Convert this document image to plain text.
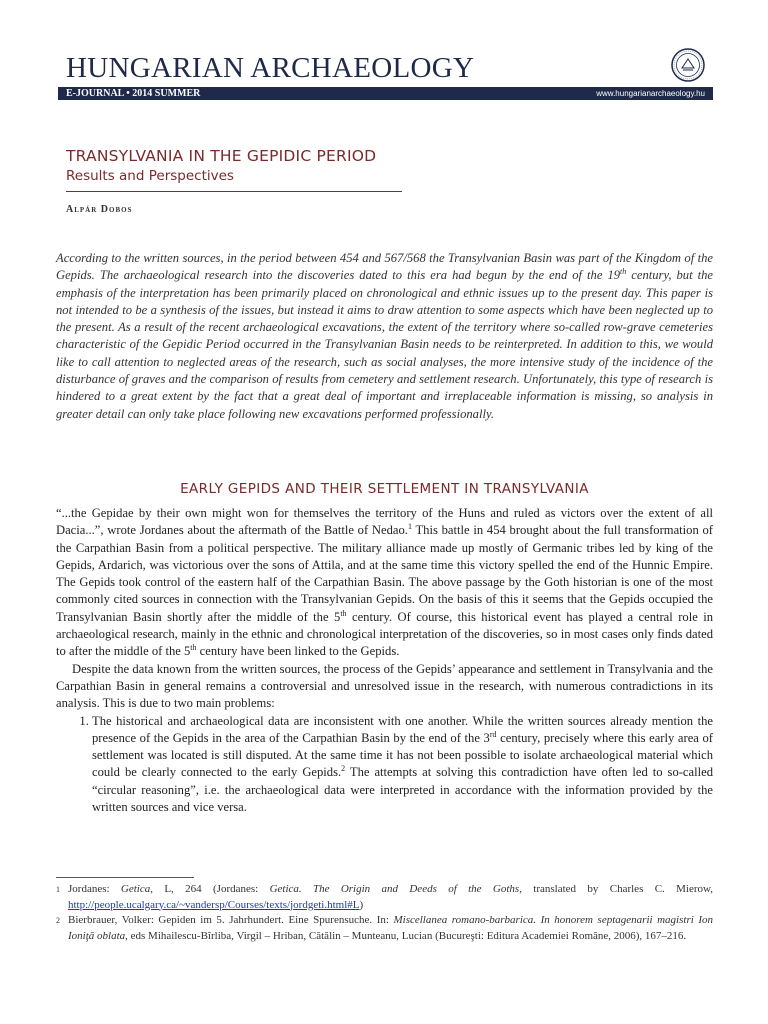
HUNGARIAN ARCHAEOLOGY
E-JOURNAL • 2014 SUMMER	www.hungarianarchaeology.hu
TRANSYLVANIA IN THE GEPIDIC PERIOD
Results and Perspectives
Alpár Dobos

According to the written sources, in the period between 454 and 567/568 the Transylvanian Basin was part of the Kingdom of the Gepids. The archaeological research into the discoveries dated to this era had begun by the end of the 19th century, but the emphasis of the interpretation has been primarily placed on chronological and ethnic issues up to the present day. This paper is not intended to be a synthesis of the issues, but instead it aims to draw attention to some aspects which have been neglected up to the present. As a result of the recent archaeological excavations, the extent of the territory where so-called row-grave cemeteries characteristic of the Gepidic Period occurred in the Transylvanian Basin needs to be reinterpreted. In addition to this, we would like to call attention to neglected areas of the research, such as social analyses, the more intensive study of the incidence of the disturbance of graves and the comparison of results from cemetery and settlement research. Unfortunately, this type of research is hindered to a great extent by the fact that a great deal of important and irreplaceable information is missing, so analysis in greater detail can only take place following new excavations performed professionally.

EARLY GEPIDS AND THEIR SETTLEMENT IN TRANSYLVANIA

“...the Gepidae by their own might won for themselves the territory of the Huns and ruled as victors over the extent of all Dacia...”, wrote Jordanes about the aftermath of the Battle of Nedao.$^1$ This battle in 454 brought about the full transformation of the Carpathian Basin from a political perspective. The military alliance made up mostly of Germanic tribes led by king of the Gepids, Ardarich, was victorious over the sons of Attila, and at the same time this victory spelled the end of the Hunnic Empire. The Gepids took control of the eastern half of the Carpathian Basin. The above passage by the Goth historian is one of the most commonly cited sources in connection with the Transylvanian Gepids. On the basis of this it seems that the Gepids occupied the Transylvanian Basin shortly after the middle of the 5th century. Of course, this historical event has played a central role in archaeological research, mainly in the ethnic and chronological interpretation of the discoveries, so in most cases only finds dated to after the middle of the 5th century have been linked to the Gepids.

Despite the data known from the written sources, the process of the Gepids’ appearance and settlement in Transylvania and the Carpathian Basin in general remains a controversial and unresolved issue in the research, with numerous contradictions in its analysis. This is due to two main problems:

1. The historical and archaeological data are inconsistent with one another. While the written sources already mention the presence of the Gepids in the area of the Carpathian Basin by the end of the 3rd century, precisely where this early area of settlement was located is still disputed. At the same time it has not been possible to isolate archaeological material which could be clearly connected to the early Gepids.$^2$ The attempts at solving this contradiction have often led to so-called “circular reasoning”, i.e. the archaeological data were interpreted in accordance with the information provided by the written sources and vice versa.
1 Jordanes: Getica, L, 264 (Jordanes: Getica. The Origin and Deeds of the Goths, translated by Charles C. Mierow, http://people.ucalgary.ca/~vandersp/Courses/texts/jordgeti.html#L)
2 Bierbrauer, Volker: Gepiden im 5. Jahrhundert. Eine Spurensuche. In: Miscellanea romano-barbarica. In honorem septagenarii magistri Ion Ioniţă oblata, eds Mihailescu-Bîrliba, Virgil – Hriban, Cătălin – Munteanu, Lucian (Bucureşti: Editura Academiei Române, 2006), 167–216.
